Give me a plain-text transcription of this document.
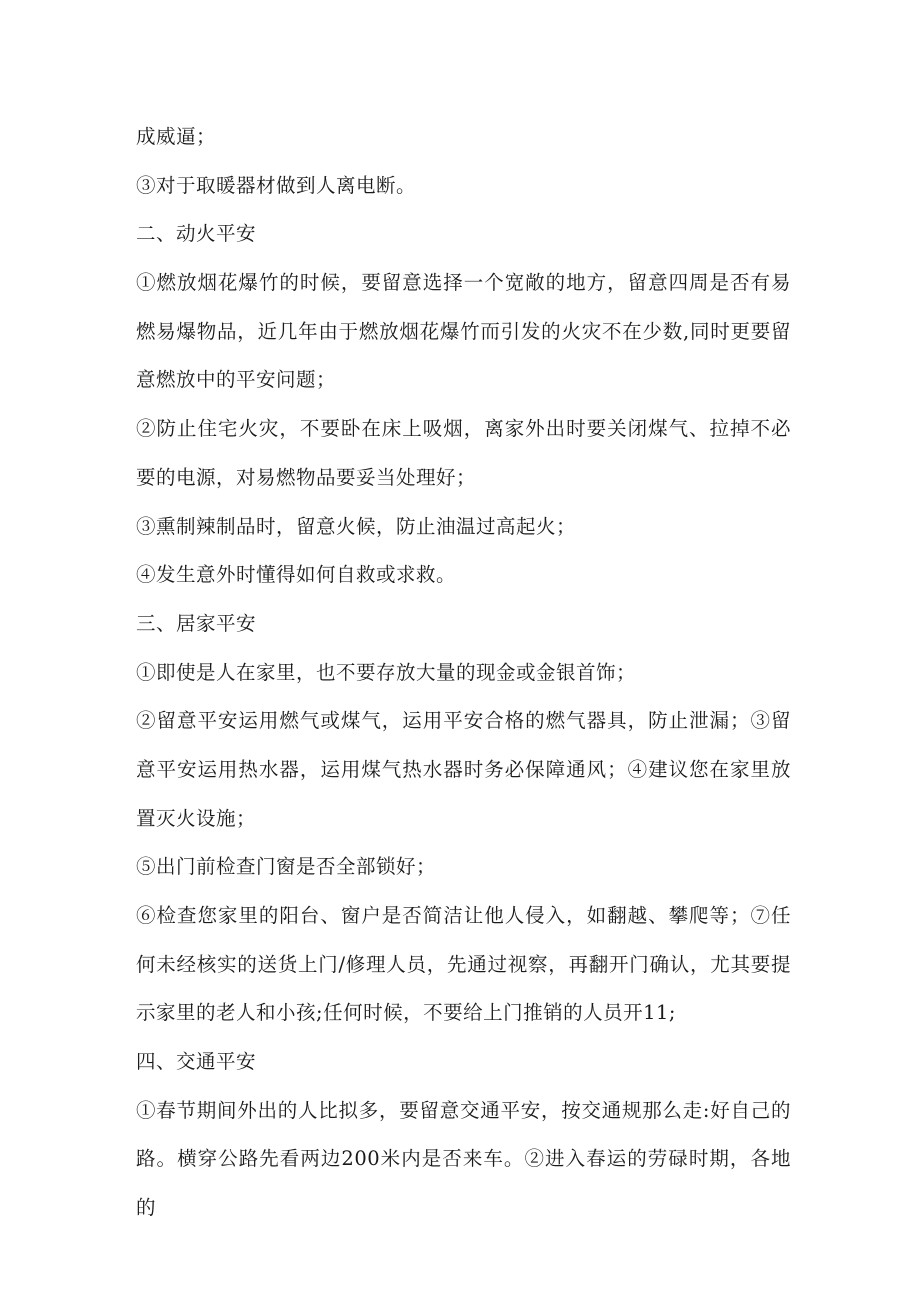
成威逼；

③对于取暖器材做到人离电断。

二、动火平安

①燃放烟花爆竹的时候，要留意选择一个宽敞的地方，留意四周是否有易

燃易爆物品，近几年由于燃放烟花爆竹而引发的火灾不在少数,同时更要留

意燃放中的平安问题；

②防止住宅火灾，不要卧在床上吸烟，离家外出时要关闭煤气、拉掉不必

要的电源，对易燃物品要妥当处理好；

③熏制辣制品时，留意火候，防止油温过高起火；

④发生意外时懂得如何自救或求救。

三、居家平安

①即使是人在家里，也不要存放大量的现金或金银首饰；

②留意平安运用燃气或煤气，运用平安合格的燃气器具，防止泄漏；③留

意平安运用热水器，运用煤气热水器时务必保障通风；④建议您在家里放

置灭火设施；

⑤出门前检查门窗是否全部锁好；

⑥检查您家里的阳台、窗户是否简洁让他人侵入，如翻越、攀爬等；⑦任

何未经核实的送货上门/修理人员，先通过视察，再翻开门确认，尤其要提

示家里的老人和小孩;任何时候，不要给上门推销的人员开11;

四、交通平安

①春节期间外出的人比拟多，要留意交通平安，按交通规那么走:好自己的

路。横穿公路先看两边200米内是否来车。②进入春运的劳碌时期，各地的
